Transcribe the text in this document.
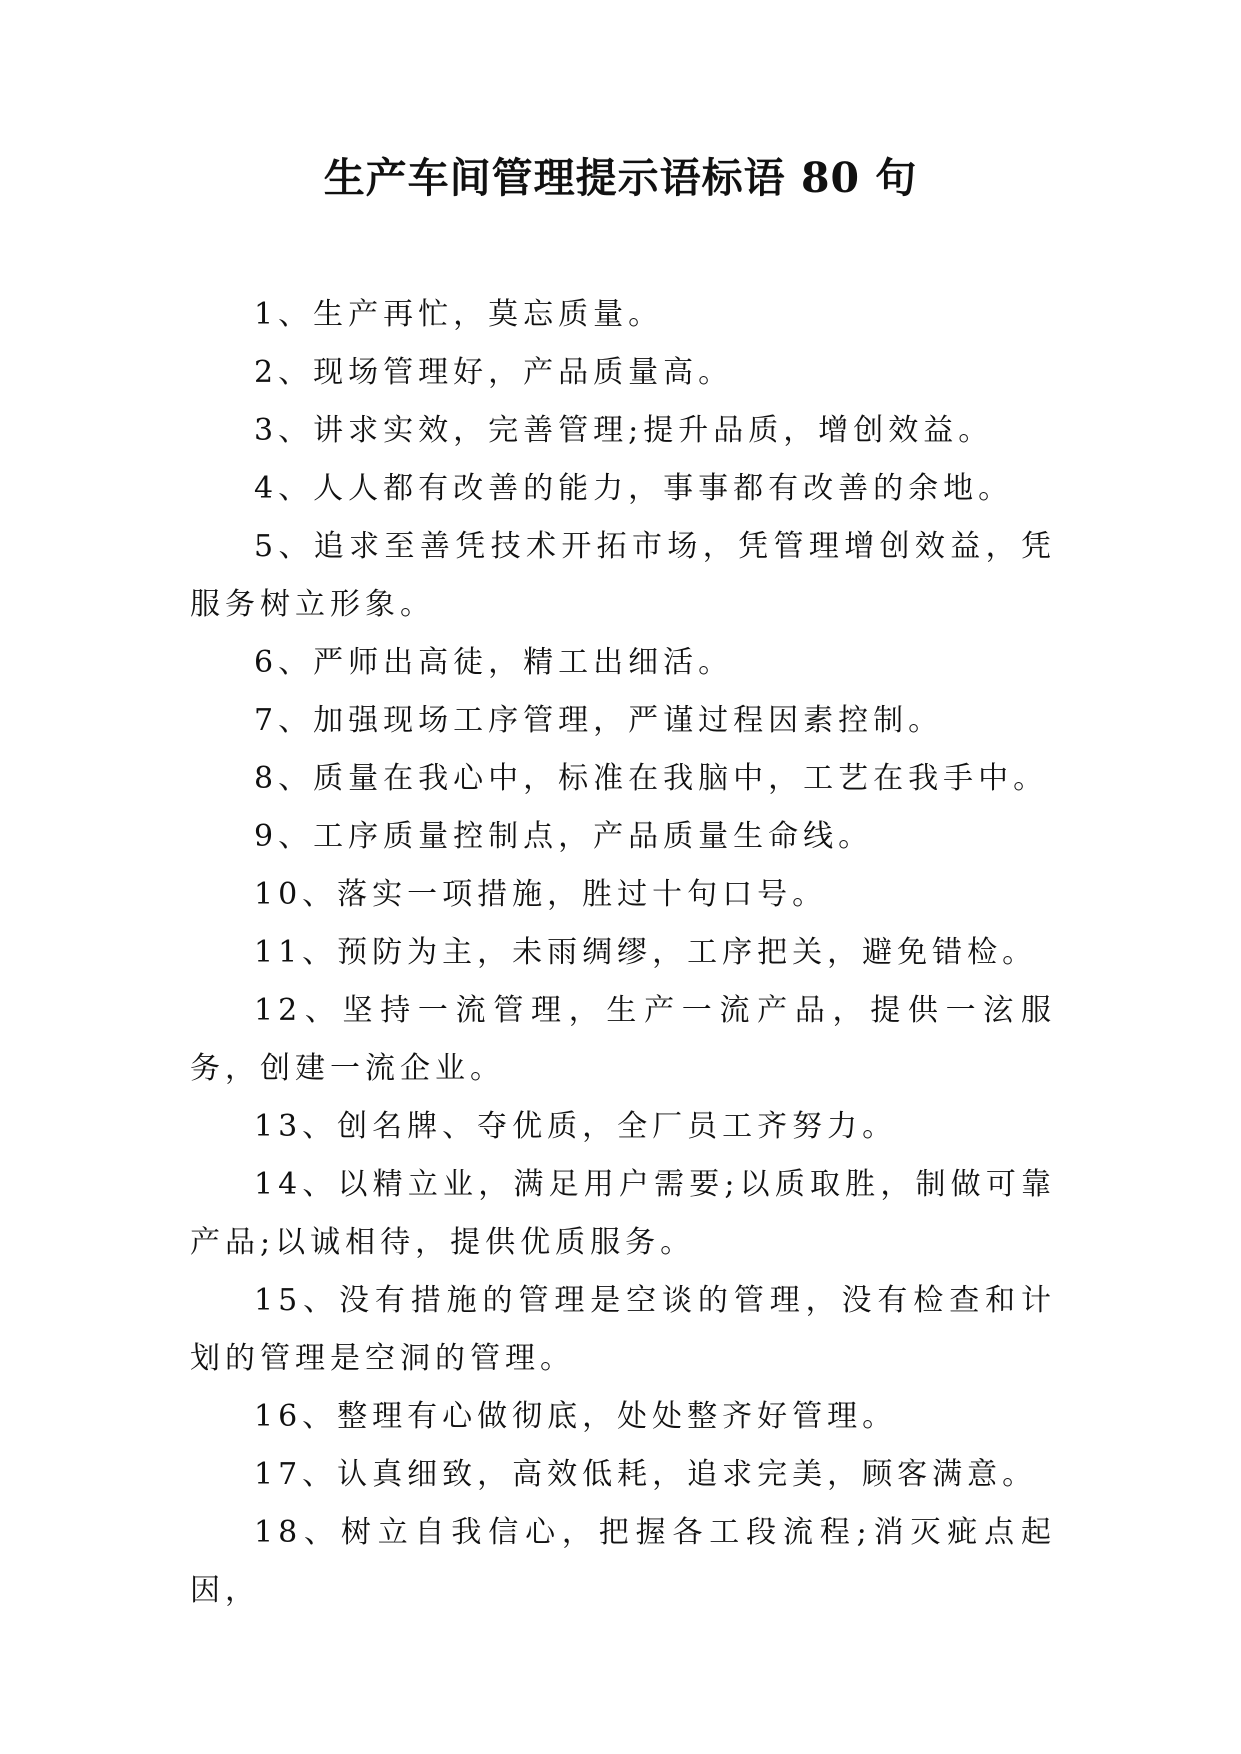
生产车间管理提示语标语 80 句

1、生产再忙，莫忘质量。

2、现场管理好，产品质量高。

3、讲求实效，完善管理;提升品质，增创效益。

4、人人都有改善的能力，事事都有改善的余地。

5、追求至善凭技术开拓市场，凭管理增创效益，凭服务树立形象。

6、严师出高徒，精工出细活。

7、加强现场工序管理，严谨过程因素控制。

8、质量在我心中，标准在我脑中，工艺在我手中。

9、工序质量控制点，产品质量生命线。

10、落实一项措施，胜过十句口号。

11、预防为主，未雨绸缪，工序把关，避免错检。

12、坚持一流管理，生产一流产品，提供一泫服务，创建一流企业。

13、创名牌、夺优质，全厂员工齐努力。

14、以精立业，满足用户需要;以质取胜，制做可靠产品;以诚相待，提供优质服务。

15、没有措施的管理是空谈的管理，没有检查和计划的管理是空洞的管理。

16、整理有心做彻底，处处整齐好管理。

17、认真细致，高效低耗，追求完美，顾客满意。

18、树立自我信心，把握各工段流程;消灭疵点起因，
